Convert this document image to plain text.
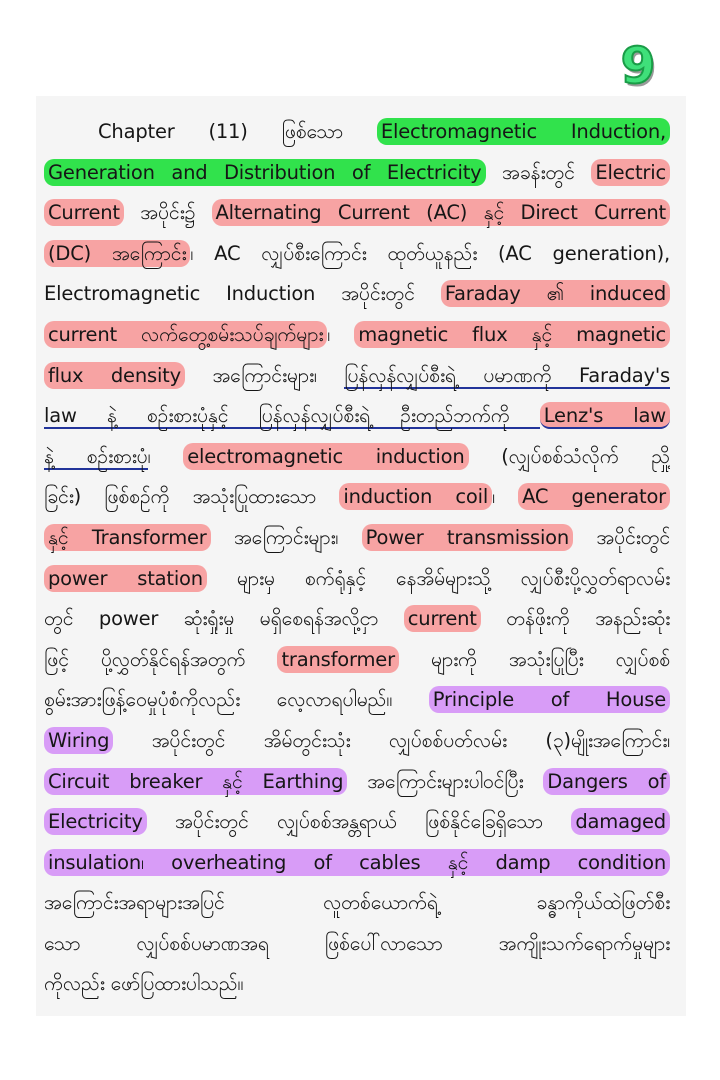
9
Chapter (11) ဖြစ်သော Electromagnetic Induction,
Generation and Distribution of Electricity အခန်းတွင် Electric
Current အပိုင်း၌ Alternating Current (AC) နှင့် Direct Current
(DC) အကြောင်း ၊ AC လျှပ်စီးကြောင်း ထုတ်ယူနည်း (AC generation),
Electromagnetic Induction အပိုင်းတွင် Faraday ၏ induced
current လက်တွေ့စမ်းသပ်ချက်များ ၊ magnetic flux နှင့် magnetic
flux density အကြောင်းများ၊ ပြန်လှန်လျှပ်စီးရဲ့ ပမာဏကို Faraday's
law နဲ့ စဉ်းစားပုံနှင့် ပြန်လှန်လျှပ်စီးရဲ့ ဦးတည်ဘက်ကို Lenz's law
နဲ့ စဉ်းစားပုံ၊ electromagnetic induction (လျှပ်စစ်သံလိုက် ညှို့
ခြင်း) ဖြစ်စဉ်ကို အသုံးပြုထားသော induction coil ၊ AC generator
နှင့် Transformer အကြောင်းများ၊ Power transmission အပိုင်းတွင်
power station များမှ စက်ရုံနှင့် နေအိမ်များသို့ လျှပ်စီးပို့လွှတ်ရာလမ်း
တွင် power ဆုံးရှုံးမှု မရှိစေရန်အလို့ငှာ current တန်ဖိုးကို အနည်းဆုံး
ဖြင့် ပို့လွှတ်နိုင်ရန်အတွက် transformer များကို အသုံးပြုပြီး လျှပ်စစ်
စွမ်းအားဖြန့်ဝေမှုပုံစံကိုလည်း လေ့လာရပါမည်။ Principle of House
Wiring အပိုင်းတွင် အိမ်တွင်းသုံး လျှပ်စစ်ပတ်လမ်း (၃)မျိုးအကြောင်း၊
Circuit breaker နှင့် Earthing အကြောင်းများပါဝင်ပြီး Dangers of
Electricity အပိုင်းတွင် လျှပ်စစ်အန္တရာယ် ဖြစ်နိုင်ခြေရှိသော damaged
insulation၊ overheating of cables နှင့် damp condition
အကြောင်းအရာများအပြင် လူတစ်ယောက်ရဲ့ ခန္ဓာကိုယ်ထဲဖြတ်စီး
သော လျှပ်စစ်ပမာဏအရ ဖြစ်ပေါ်လာသော အကျိုးသက်ရောက်မှုများ
ကိုလည်း ဖော်ပြထားပါသည်။
